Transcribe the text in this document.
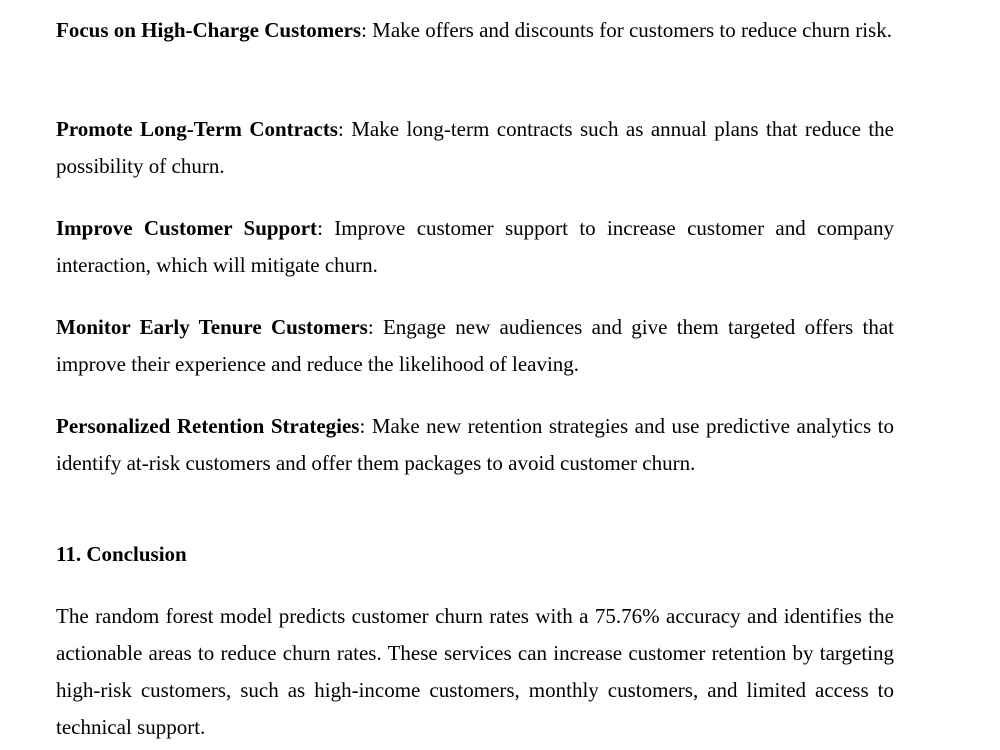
Focus on High-Charge Customers: Make offers and discounts for customers to reduce churn risk.

Promote Long-Term Contracts: Make long-term contracts such as annual plans that reduce the possibility of churn.

Improve Customer Support: Improve customer support to increase customer and company interaction, which will mitigate churn.

Monitor Early Tenure Customers: Engage new audiences and give them targeted offers that improve their experience and reduce the likelihood of leaving.

Personalized Retention Strategies: Make new retention strategies and use predictive analytics to identify at-risk customers and offer them packages to avoid customer churn.

11. Conclusion

The random forest model predicts customer churn rates with a 75.76% accuracy and identifies the actionable areas to reduce churn rates. These services can increase customer retention by targeting high-risk customers, such as high-income customers, monthly customers, and limited access to technical support.
